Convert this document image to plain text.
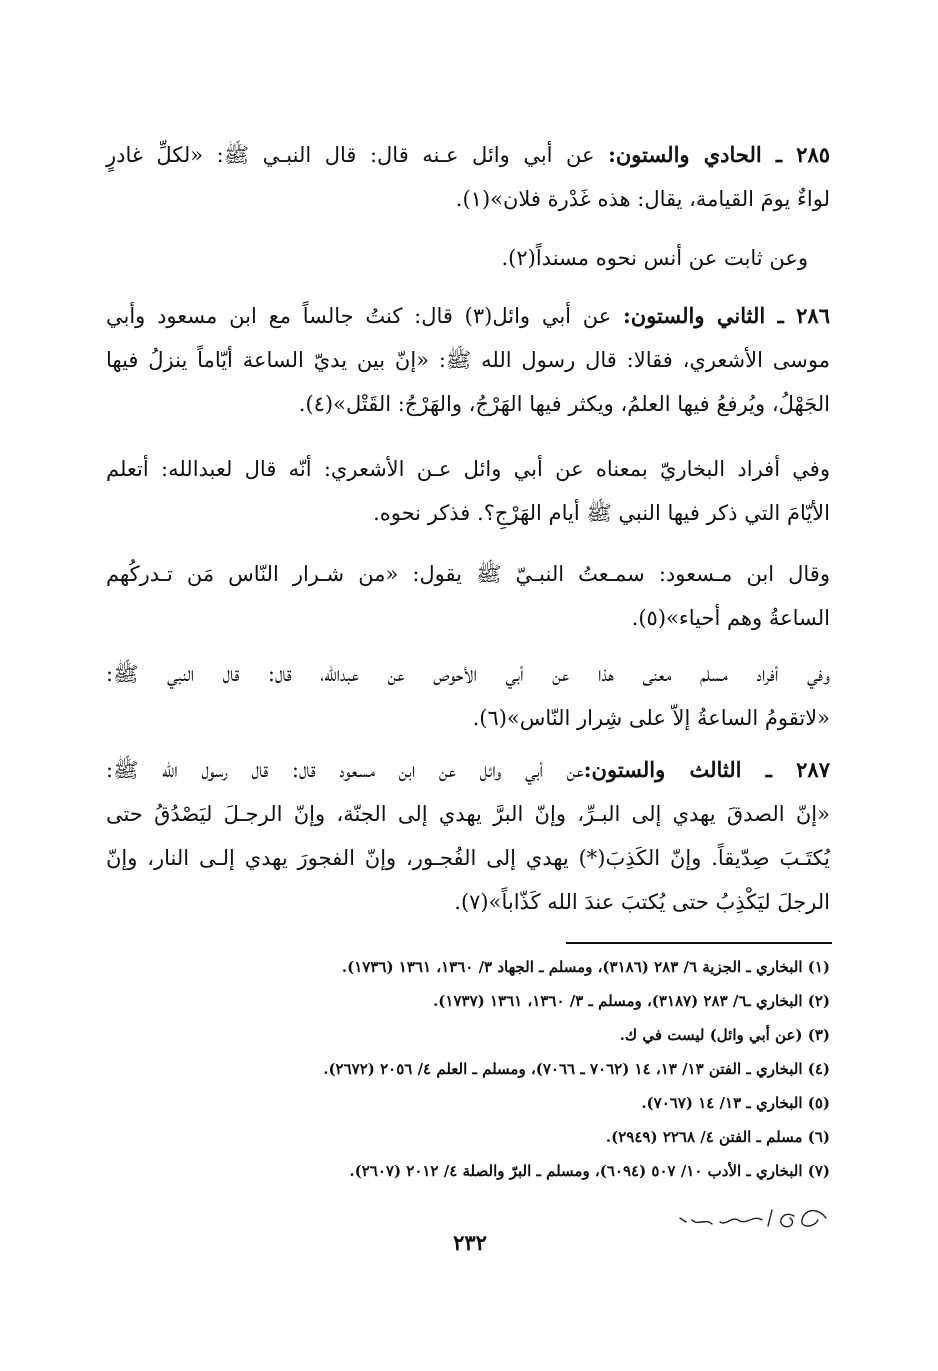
٢٨٥ ـ الحادي والستون: عن أبي وائل عـنه قال: قال النبـي ﷺ: «لكلِّ غادرٍ
لواءٌ يومَ القيامة، يقال: هذه غَدْرة فلان»(١).
وعن ثابت عن أنس نحوه مسنداً(٢).
٢٨٦ ـ الثاني والستون: عن أبي وائل(٣) قال: كنتُ جالساً مع ابن مسعود وأبي
موسى الأشعري، فقالا: قال رسول الله ﷺ: «إنّ بين يديّ الساعة أيّاماً ينزلُ فيها
الجَهْلُ، ويُرفعُ فيها العلمُ، ويكثر فيها الهَرْجُ، والهَرْجُ: القَتْل»(٤).
وفي أفراد البخاريّ بمعناه عن أبي وائل عـن الأشعري: أنّه قال لعبدالله: أتعلم
الأيّامَ التي ذكر فيها النبي ﷺ أيام الهَرْجِ؟. فذكر نحوه.
وقال ابن مـسعود: سمـعتُ النبـيّ ﷺ يقول: «من شـرار النّاس مَن تـدركُهم
الساعةُ وهم أحياء»(٥).
وفي أفراد مسلم معنى هذا عن أبي الأحوص عن عبدالله، قال: قال النبي ﷺ:
«لاتقومُ الساعةُ إلاّ على شِرار النّاس»(٦).
٢٨٧ ـ الثالث والستون:عن أبي وائل عن ابن مسعود قال: قال رسول الله ﷺ:
«إنّ الصدقَ يهدي إلى البـرِّ، وإنّ البرَّ يهدي إلى الجنّة، وإنّ الرجـلَ ليَصْدُقُ حتى
يُكتَـبَ صِدّيقاً. وإنّ الكَذِبَ(*) يهدي إلى الفُجـور، وإنّ الفجورَ يهدي إلـى النار، وإنّ
الرجلَ ليَكْذِبُ حتى يُكتبَ عندَ الله كَذّاباً»(٧).
(١) البخاري ـ الجزية ٦/ ٢٨٣ (٣١٨٦)، ومسلم ـ الجهاد ٣/ ١٣٦٠، ١٣٦١ (١٧٣٦).
(٢) البخاري ـ٦/ ٢٨٣ (٣١٨٧)، ومسلم ـ ٣/ ١٣٦٠، ١٣٦١ (١٧٣٧).
(٣) (عن أبي وائل) ليست في ك.
(٤) البخاري ـ الفتن ١٣/ ١٣، ١٤ (٧٠٦٢ ـ ٧٠٦٦)، ومسلم ـ العلم ٤/ ٢٠٥٦ (٢٦٧٢).
(٥) البخاري ـ ١٣/ ١٤ (٧٠٦٧).
(٦) مسلم ـ الفتن ٤/ ٢٢٦٨ (٢٩٤٩).
(٧) البخاري ـ الأدب ١٠/ ٥٠٧ (٦٠٩٤)، ومسلم ـ البرّ والصلة ٤/ ٢٠١٢ (٢٦٠٧).
٢٣٢
